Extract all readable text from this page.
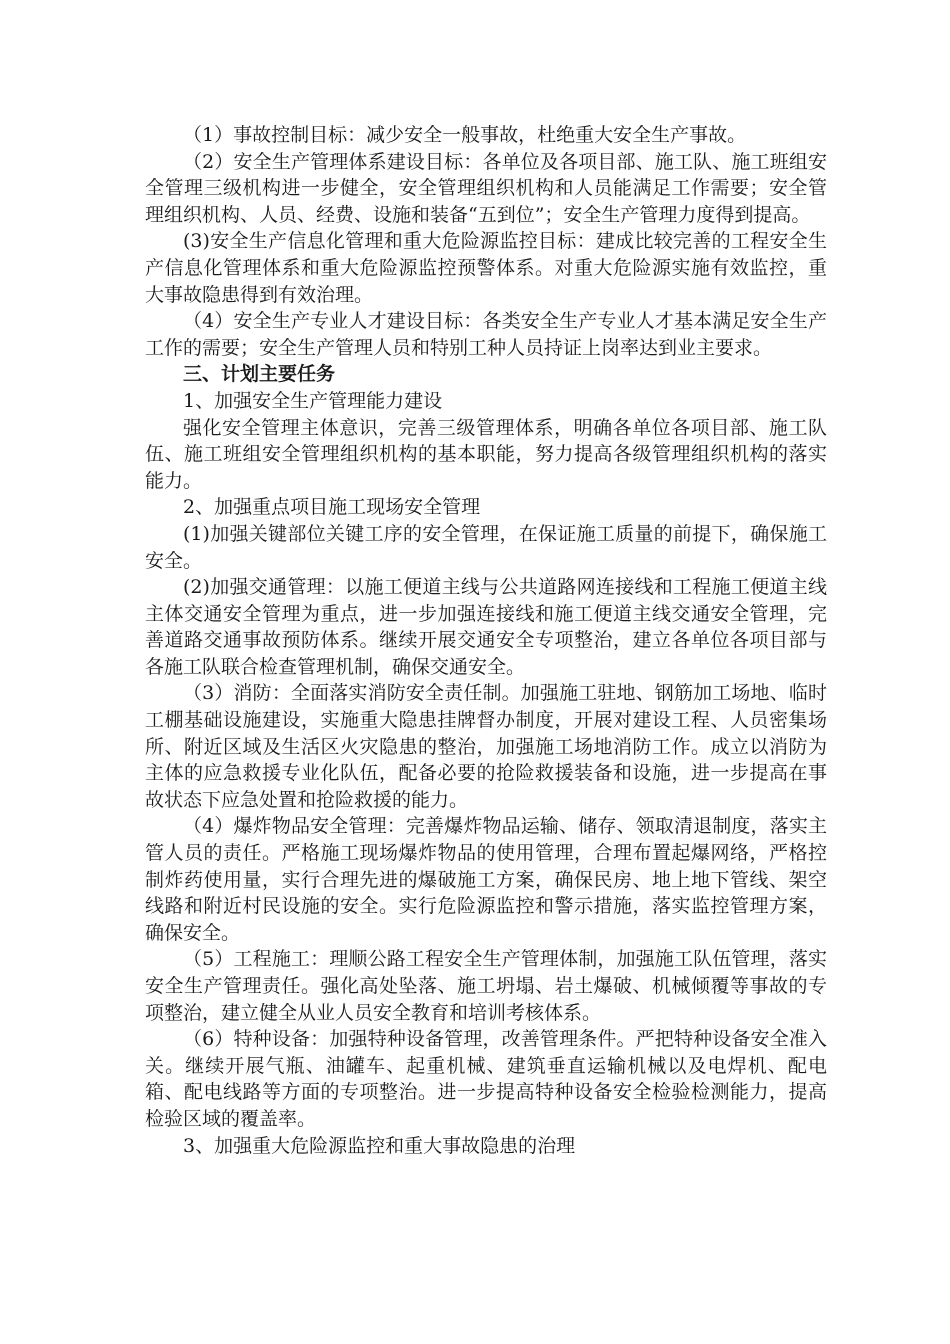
（1）事故控制目标：减少安全一般事故，杜绝重大安全生产事故。

（2）安全生产管理体系建设目标：各单位及各项目部、施工队、施工班组安全管理三级机构进一步健全，安全管理组织机构和人员能满足工作需要；安全管理组织机构、人员、经费、设施和装备“五到位”；安全生产管理力度得到提高。

(3)安全生产信息化管理和重大危险源监控目标：建成比较完善的工程安全生产信息化管理体系和重大危险源监控预警体系。对重大危险源实施有效监控，重大事故隐患得到有效治理。

（4）安全生产专业人才建设目标：各类安全生产专业人才基本满足安全生产工作的需要；安全生产管理人员和特别工种人员持证上岗率达到业主要求。

三、计划主要任务

1、加强安全生产管理能力建设

强化安全管理主体意识，完善三级管理体系，明确各单位各项目部、施工队伍、施工班组安全管理组织机构的基本职能，努力提高各级管理组织机构的落实能力。

2、加强重点项目施工现场安全管理

(1)加强关键部位关键工序的安全管理，在保证施工质量的前提下，确保施工安全。

(2)加强交通管理：以施工便道主线与公共道路网连接线和工程施工便道主线主体交通安全管理为重点，进一步加强连接线和施工便道主线交通安全管理，完善道路交通事故预防体系。继续开展交通安全专项整治，建立各单位各项目部与各施工队联合检查管理机制，确保交通安全。

（3）消防：全面落实消防安全责任制。加强施工驻地、钢筋加工场地、临时工棚基础设施建设，实施重大隐患挂牌督办制度，开展对建设工程、人员密集场所、附近区域及生活区火灾隐患的整治，加强施工场地消防工作。成立以消防为主体的应急救援专业化队伍，配备必要的抢险救援装备和设施，进一步提高在事故状态下应急处置和抢险救援的能力。

（4）爆炸物品安全管理：完善爆炸物品运输、储存、领取清退制度，落实主管人员的责任。严格施工现场爆炸物品的使用管理，合理布置起爆网络，严格控制炸药使用量，实行合理先进的爆破施工方案，确保民房、地上地下管线、架空线路和附近村民设施的安全。实行危险源监控和警示措施，落实监控管理方案，确保安全。

（5）工程施工：理顺公路工程安全生产管理体制，加强施工队伍管理，落实安全生产管理责任。强化高处坠落、施工坍塌、岩土爆破、机械倾覆等事故的专项整治，建立健全从业人员安全教育和培训考核体系。

（6）特种设备：加强特种设备管理，改善管理条件。严把特种设备安全准入关。继续开展气瓶、油罐车、起重机械、建筑垂直运输机械以及电焊机、配电箱、配电线路等方面的专项整治。进一步提高特种设备安全检验检测能力，提高检验区域的覆盖率。

3、加强重大危险源监控和重大事故隐患的治理
